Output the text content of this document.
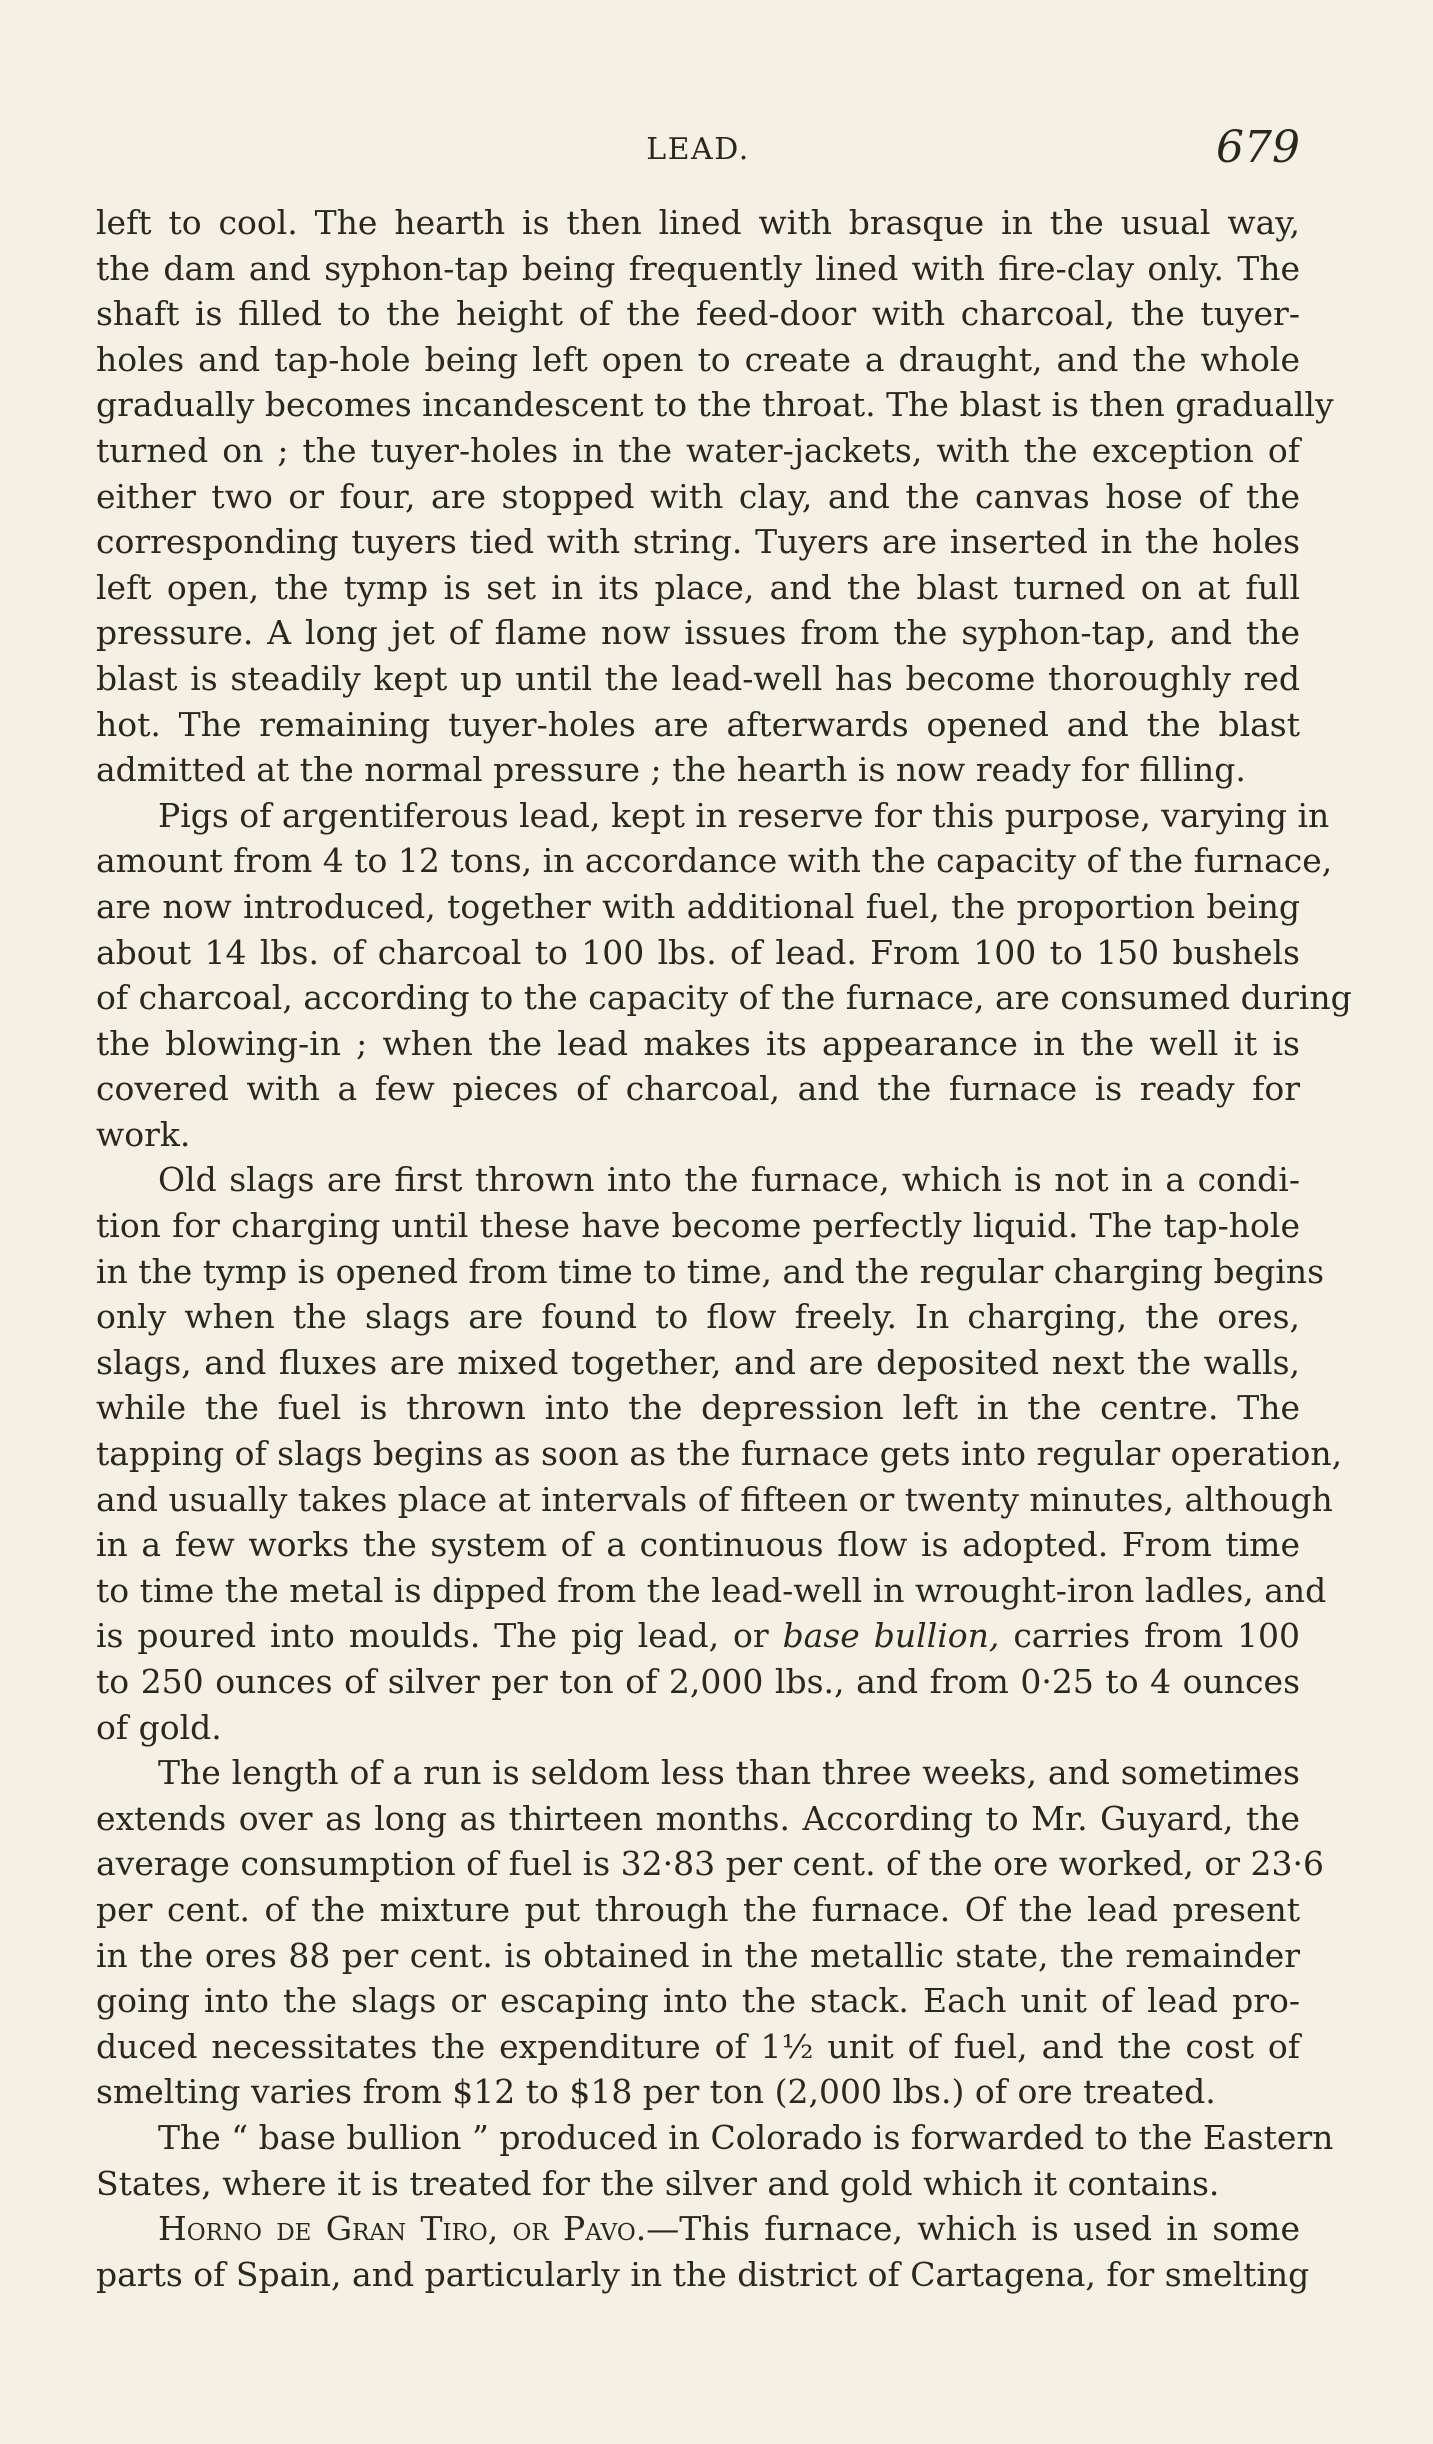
LEAD.	679
left to cool. The hearth is then lined with brasque in the usual way,
the dam and syphon-tap being frequently lined with fire-clay only. The
shaft is filled to the height of the feed-door with charcoal, the tuyer-
holes and tap-hole being left open to create a draught, and the whole
gradually becomes incandescent to the throat. The blast is then gradually
turned on ; the tuyer-holes in the water-jackets, with the exception of
either two or four, are stopped with clay, and the canvas hose of the
corresponding tuyers tied with string. Tuyers are inserted in the holes
left open, the tymp is set in its place, and the blast turned on at full
pressure. A long jet of flame now issues from the syphon-tap, and the
blast is steadily kept up until the lead-well has become thoroughly red
hot. The remaining tuyer-holes are afterwards opened and the blast
admitted at the normal pressure ; the hearth is now ready for filling.
Pigs of argentiferous lead, kept in reserve for this purpose, varying in
amount from 4 to 12 tons, in accordance with the capacity of the furnace,
are now introduced, together with additional fuel, the proportion being
about 14 lbs. of charcoal to 100 lbs. of lead. From 100 to 150 bushels
of charcoal, according to the capacity of the furnace, are consumed during
the blowing-in ; when the lead makes its appearance in the well it is
covered with a few pieces of charcoal, and the furnace is ready for
work.
Old slags are first thrown into the furnace, which is not in a condi-
tion for charging until these have become perfectly liquid. The tap-hole
in the tymp is opened from time to time, and the regular charging begins
only when the slags are found to flow freely. In charging, the ores,
slags, and fluxes are mixed together, and are deposited next the walls,
while the fuel is thrown into the depression left in the centre. The
tapping of slags begins as soon as the furnace gets into regular operation,
and usually takes place at intervals of fifteen or twenty minutes, although
in a few works the system of a continuous flow is adopted. From time
to time the metal is dipped from the lead-well in wrought-iron ladles, and
is poured into moulds. The pig lead, or base bullion, carries from 100
to 250 ounces of silver per ton of 2,000 lbs., and from 0·25 to 4 ounces
of gold.
The length of a run is seldom less than three weeks, and sometimes
extends over as long as thirteen months. According to Mr. Guyard, the
average consumption of fuel is 32·83 per cent. of the ore worked, or 23·6
per cent. of the mixture put through the furnace. Of the lead present
in the ores 88 per cent. is obtained in the metallic state, the remainder
going into the slags or escaping into the stack. Each unit of lead pro-
duced necessitates the expenditure of 1½ unit of fuel, and the cost of
smelting varies from $12 to $18 per ton (2,000 lbs.) of ore treated.
The “ base bullion ” produced in Colorado is forwarded to the Eastern
States, where it is treated for the silver and gold which it contains.
Horno de Gran Tiro, or Pavo.—This furnace, which is used in some
parts of Spain, and particularly in the district of Cartagena, for smelting
